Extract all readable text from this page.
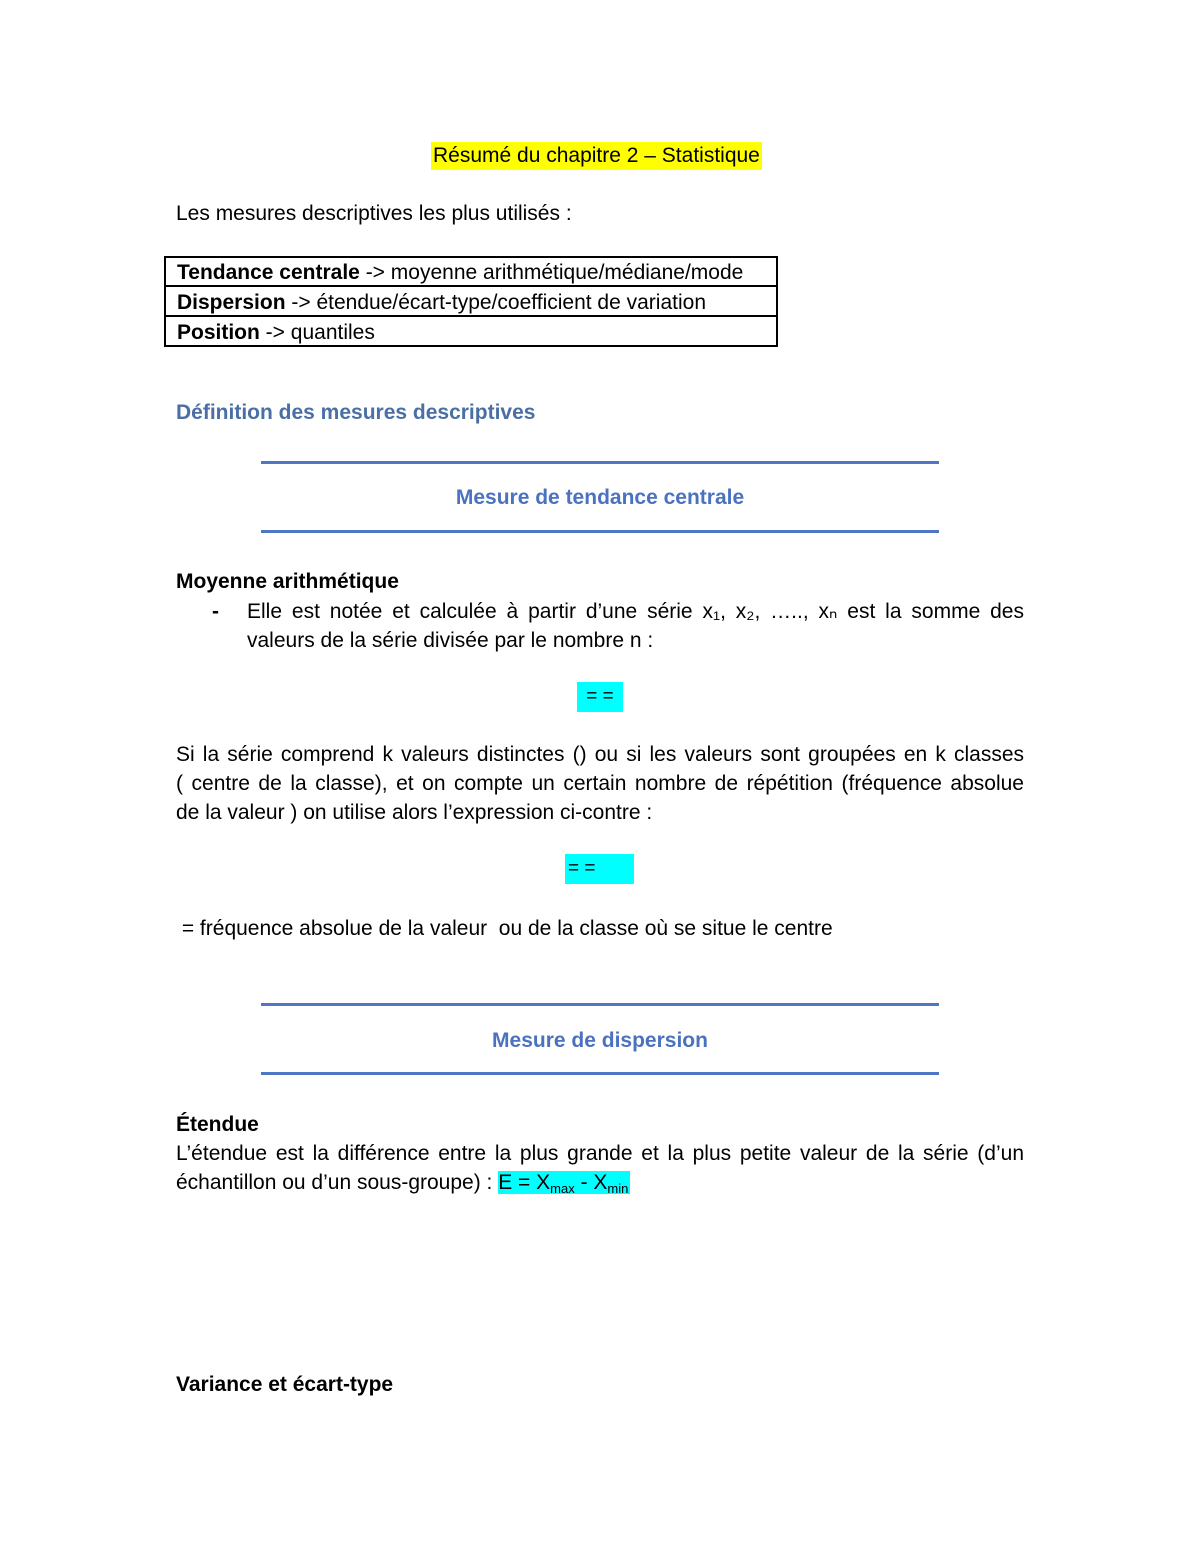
Résumé du chapitre 2 – Statistique
Les mesures descriptives les plus utilisés :
Tendance centrale -> moyenne arithmétique/médiane/mode
Dispersion -> étendue/écart-type/coefficient de variation
Position -> quantiles
Définition des mesures descriptives
Mesure de tendance centrale
Moyenne arithmétique
- Elle est notée et calculée à partir d’une série x₁, x₂, ….., xₙ est la somme des
valeurs de la série divisée par le nombre n :
= =
Si la série comprend k valeurs distinctes () ou si les valeurs sont groupées en k classes
( centre de la classe), et on compte un certain nombre de répétition (fréquence absolue
de la valeur ) on utilise alors l’expression ci-contre :
= =
= fréquence absolue de la valeur  ou de la classe où se situe le centre
Mesure de dispersion
Étendue
L’étendue est la différence entre la plus grande et la plus petite valeur de la série (d’un
échantillon ou d’un sous-groupe) : $E = X_{max} - X_{min}$
Variance et écart-type
